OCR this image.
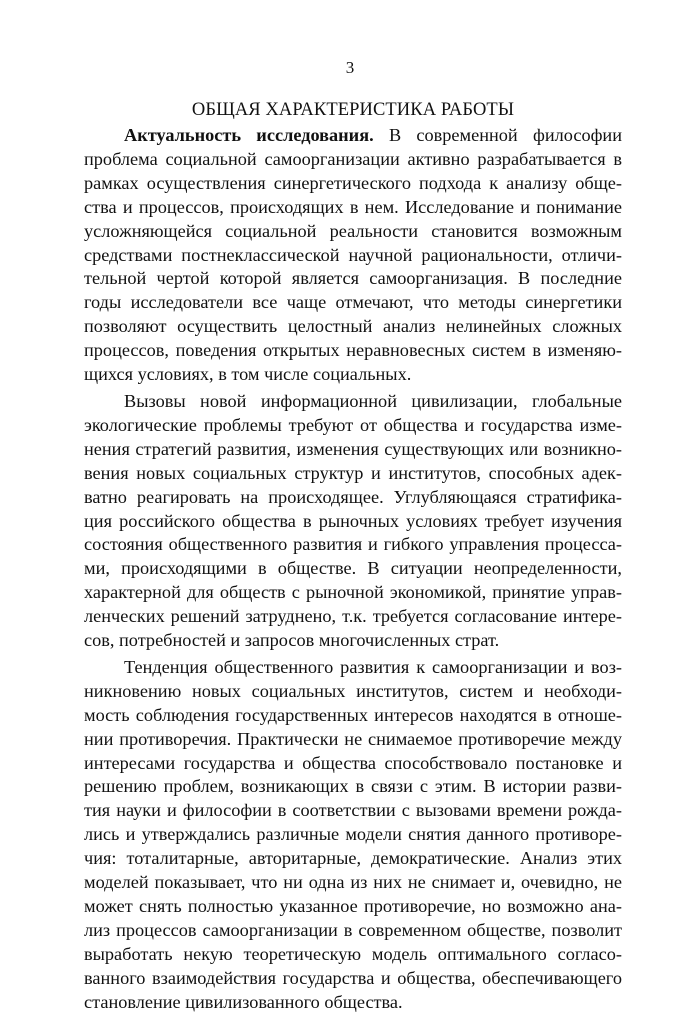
3
ОБЩАЯ ХАРАКТЕРИСТИКА РАБОТЫ
Актуальность исследования. В современной философии
проблема социальной самоорганизации активно разрабатывается в
рамках осуществления синергетического подхода к анализу обще-
ства и процессов, происходящих в нем. Исследование и понимание
усложняющейся социальной реальности становится возможным
средствами постнеклассической научной рациональности, отличи-
тельной чертой которой является самоорганизация. В последние
годы исследователи все чаще отмечают, что методы синергетики
позволяют осуществить целостный анализ нелинейных сложных
процессов, поведения открытых неравновесных систем в изменяю-
щихся условиях, в том числе социальных.
Вызовы новой информационной цивилизации, глобальные
экологические проблемы требуют от общества и государства изме-
нения стратегий развития, изменения существующих или возникно-
вения новых социальных структур и институтов, способных адек-
ватно реагировать на происходящее. Углубляющаяся стратифика-
ция российского общества в рыночных условиях требует изучения
состояния общественного развития и гибкого управления процесса-
ми, происходящими в обществе. В ситуации неопределенности,
характерной для обществ с рыночной экономикой, принятие управ-
ленческих решений затруднено, т.к. требуется согласование интере-
сов, потребностей и запросов многочисленных страт.
Тенденция общественного развития к самоорганизации и воз-
никновению новых социальных институтов, систем и необходи-
мость соблюдения государственных интересов находятся в отноше-
нии противоречия. Практически не снимаемое противоречие между
интересами государства и общества способствовало постановке и
решению проблем, возникающих в связи с этим. В истории разви-
тия науки и философии в соответствии с вызовами времени рожда-
лись и утверждались различные модели снятия данного противоре-
чия: тоталитарные, авторитарные, демократические. Анализ этих
моделей показывает, что ни одна из них не снимает и, очевидно, не
может снять полностью указанное противоречие, но возможно ана-
лиз процессов самоорганизации в современном обществе, позволит
выработать некую теоретическую модель оптимального согласо-
ванного взаимодействия государства и общества, обеспечивающего
становление цивилизованного общества.
